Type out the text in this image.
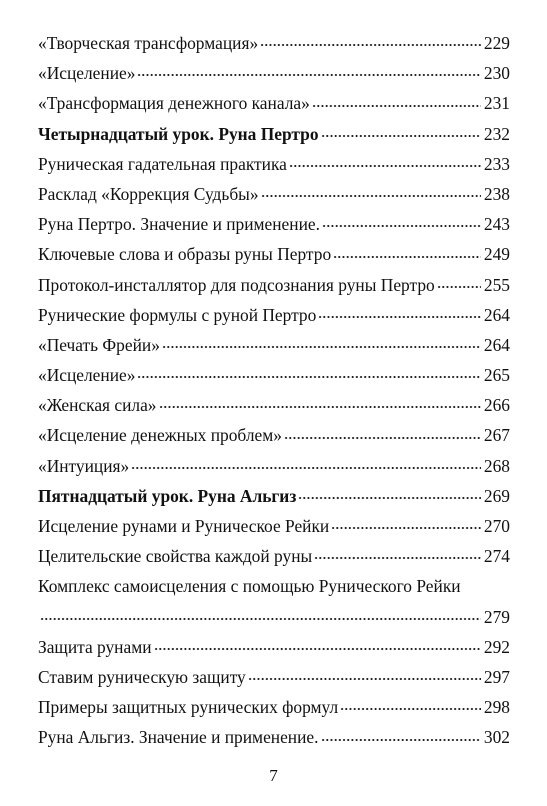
«Творческая трансформация»	229
«Исцеление»	230
«Трансформация денежного канала»	231
Четырнадцатый урок. Руна Пертро	232
Руническая гадательная практика	233
Расклад «Коррекция Судьбы»	238
Руна Пертро. Значение и применение.	243
Ключевые слова и образы руны Пертро	249
Протокол-инсталлятор для подсознания руны Пертро	255
Рунические формулы с руной Пертро	264
«Печать Фрейи»	264
«Исцеление»	265
«Женская сила»	266
«Исцеление денежных проблем»	267
«Интуиция»	268
Пятнадцатый урок. Руна Альгиз	269
Исцеление рунами и Руническое Рейки	270
Целительские свойства каждой руны	274
Комплекс самоисцеления с помощью Рунического Рейки
279
Защита рунами	292
Ставим руническую защиту	297
Примеры защитных рунических формул	298
Руна Альгиз. Значение и применение.	302
7
